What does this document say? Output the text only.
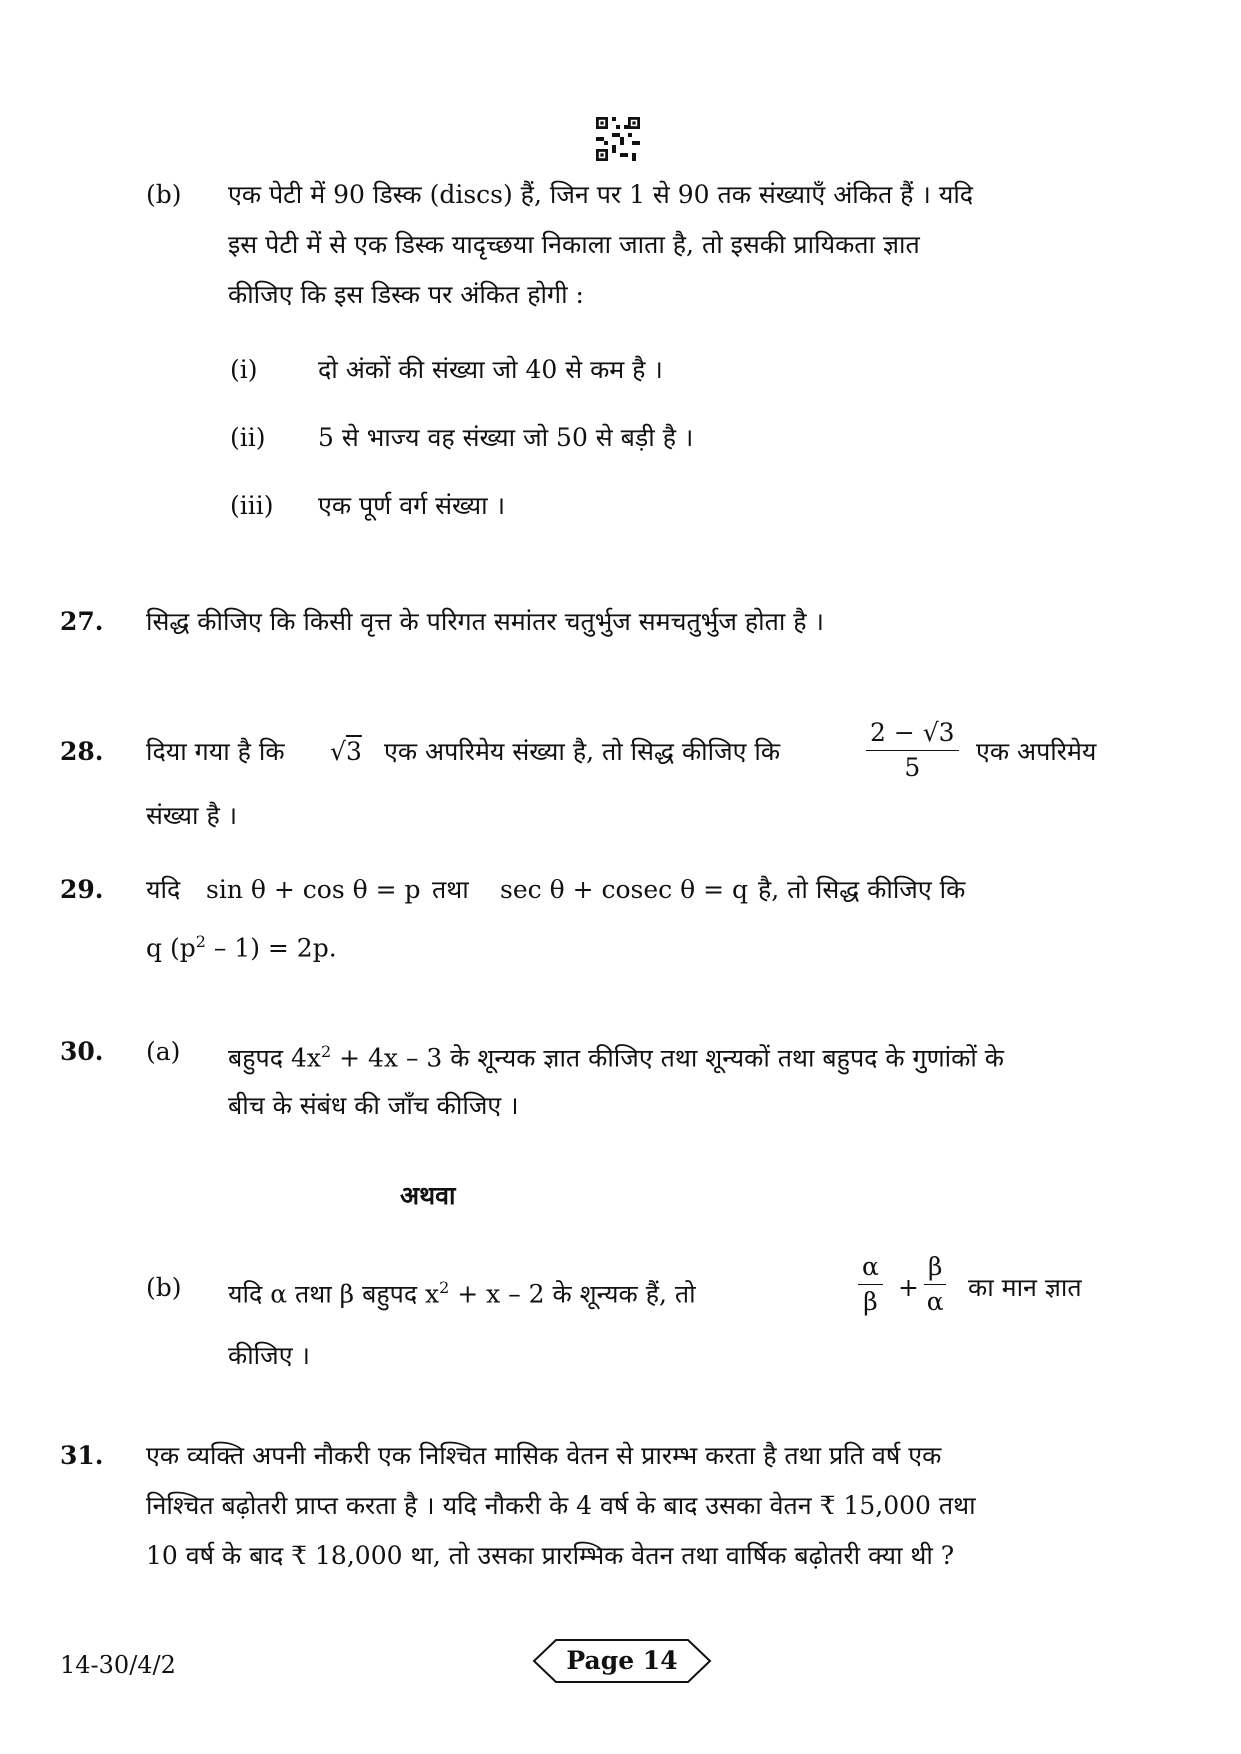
(b) एक पेटी में 90 डिस्क (discs) हैं, जिन पर 1 से 90 तक संख्याएँ अंकित हैं । यदि
इस पेटी में से एक डिस्क यादृच्छया निकाला जाता है, तो इसकी प्रायिकता ज्ञात
कीजिए कि इस डिस्क पर अंकित होगी :
(i) दो अंकों की संख्या जो 40 से कम है ।
(ii) 5 से भाज्य वह संख्या जो 50 से बड़ी है ।
(iii) एक पूर्ण वर्ग संख्या ।
27. सिद्ध कीजिए कि किसी वृत्त के परिगत समांतर चतुर्भुज समचतुर्भुज होता है ।
28. दिया गया है कि √3 एक अपरिमेय संख्या है, तो सिद्ध कीजिए कि	$\frac{2 - √3}{5}$ एक अपरिमेय
संख्या है ।
29. यदि sin θ + cos θ = p तथा sec θ + cosec θ = q है, तो सिद्ध कीजिए कि
q $(p^2 - 1) = 2p$.
30. (a) बहुपद $4x^2 + 4x - 3$ के शून्यक ज्ञात कीजिए तथा शून्यकों तथा बहुपद के गुणांकों के
बीच के संबंध की जाँच कीजिए ।
अथवा
(b) यदि α तथा β बहुपद $x^2 + x - 2$ के शून्यक हैं, तो	$\frac{\alpha}{\beta} + \frac{\beta}{\alpha}$ का मान ज्ञात
कीजिए ।
31. एक व्यक्ति अपनी नौकरी एक निश्चित मासिक वेतन से प्रारम्भ करता है तथा प्रति वर्ष एक
निश्चित बढ़ोतरी प्राप्त करता है । यदि नौकरी के 4 वर्ष के बाद उसका वेतन ₹ 15,000 तथा
10 वर्ष के बाद ₹ 18,000 था, तो उसका प्रारम्भिक वेतन तथा वार्षिक बढ़ोतरी क्या थी ?
14-30/4/2	Page 14
